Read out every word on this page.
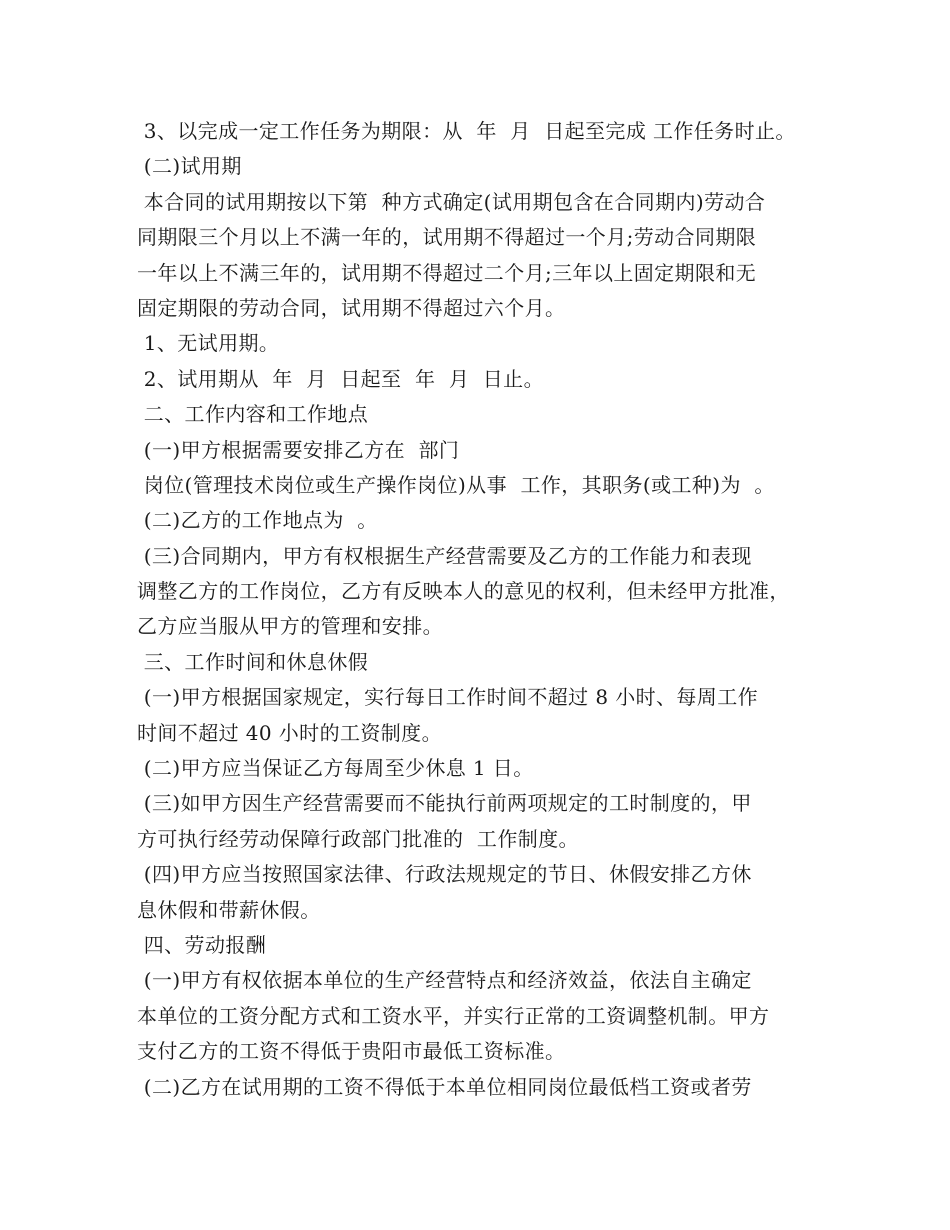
3、以完成一定工作任务为期限：从  年  月  日起至完成 工作任务时止。
(二)试用期
本合同的试用期按以下第  种方式确定(试用期包含在合同期内)劳动合
同期限三个月以上不满一年的，试用期不得超过一个月;劳动合同期限
一年以上不满三年的，试用期不得超过二个月;三年以上固定期限和无
固定期限的劳动合同，试用期不得超过六个月。
1、无试用期。
2、试用期从  年  月  日起至  年  月  日止。
二、工作内容和工作地点
(一)甲方根据需要安排乙方在  部门
岗位(管理技术岗位或生产操作岗位)从事  工作，其职务(或工种)为  。
(二)乙方的工作地点为  。
(三)合同期内，甲方有权根据生产经营需要及乙方的工作能力和表现
调整乙方的工作岗位，乙方有反映本人的意见的权利，但未经甲方批准，
乙方应当服从甲方的管理和安排。
三、工作时间和休息休假
(一)甲方根据国家规定，实行每日工作时间不超过 8 小时、每周工作
时间不超过 40 小时的工资制度。
(二)甲方应当保证乙方每周至少休息 1 日。
(三)如甲方因生产经营需要而不能执行前两项规定的工时制度的，甲
方可执行经劳动保障行政部门批准的  工作制度。
(四)甲方应当按照国家法律、行政法规规定的节日、休假安排乙方休
息休假和带薪休假。
四、劳动报酬
(一)甲方有权依据本单位的生产经营特点和经济效益，依法自主确定
本单位的工资分配方式和工资水平，并实行正常的工资调整机制。甲方
支付乙方的工资不得低于贵阳市最低工资标准。
(二)乙方在试用期的工资不得低于本单位相同岗位最低档工资或者劳
